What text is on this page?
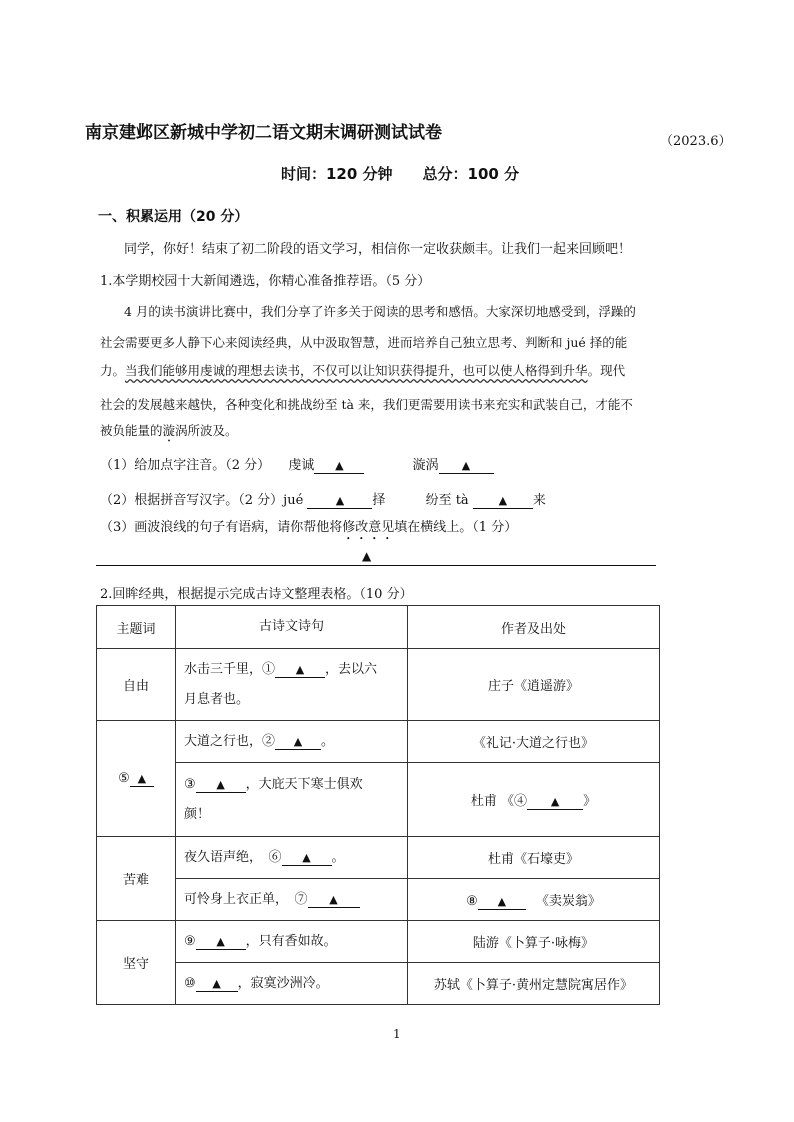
南京建邺区新城中学初二语文期末调研测试试卷	（2023.6）
时间：120 分钟 总分：100 分
一、积累运用（20 分）
同学，你好！结束了初二阶段的语文学习，相信你一定收获颇丰。让我们一起来回顾吧！
1.本学期校园十大新闻遴选，你精心准备推荐语。（5 分）
4 月的读书演讲比赛中，我们分享了许多关于阅读的思考和感悟。大家深切地感受到，浮躁的
社会需要更多人静下心来阅读经典，从中汲取智慧，进而培养自己独立思考、判断和 jué 择的能
力。当我们能够用虔诚的理想去读书，不仅可以让知识获得提升，也可以使人格得到升华。现代
社会的发展越来越快，各种变化和挑战纷至 tà 来，我们更需要用读书来充实和武装自己，才能不
被负能量的漩涡所波及。
（1）给加点字注音。（2 分） 虔诚 ▲	漩涡 ▲
（2）根据拼音写汉字。（2 分）jué	▲ 择	纷至 tà	▲ 来
（3）画波浪线的句子有语病，请你帮他将修改意见填在横线上。（1 分）
▲
2.回眸经典，根据提示完成古诗文整理表格。（10 分）
主题词	古诗文诗句	作者及出处
自由	水击三千里，① ▲ ，去以六
月息者也。	庄子《逍遥游》
⑤ ▲	大道之行也，② ▲ 。	《礼记·大道之行也》
	③ ▲ ，大庇天下寒士俱欢
颜！	杜甫 《④ ▲ 》
苦难	夜久语声绝，　⑥ ▲ 。	杜甫《石壕吏》
	可怜身上衣正单，　⑦ ▲	⑧ ▲ 《卖炭翁》
坚守	⑨ ▲ ，只有香如故。	陆游《卜算子·咏梅》
	⑩ ▲ ，寂寞沙洲冷。	苏轼《卜算子·黄州定慧院寓居作》
1
